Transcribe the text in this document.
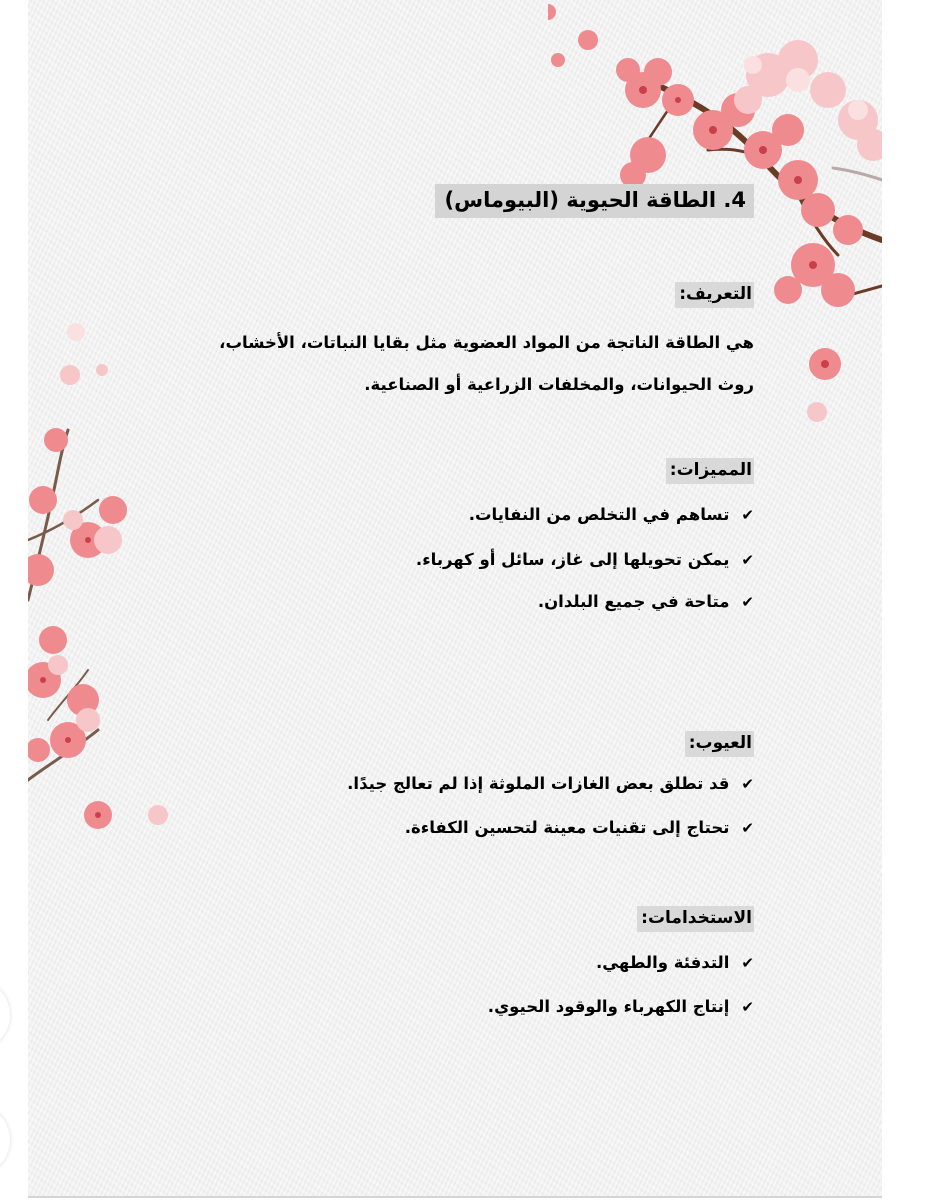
4. الطاقة الحيوية (البيوماس)
التعريف:
هي الطاقة الناتجة من المواد العضوية مثل بقايا النباتات، الأخشاب، روث الحيوانات، والمخلفات الزراعية أو الصناعية.
المميزات:
✔
تساهم في التخلص من النفايات.
✔
يمكن تحويلها إلى غاز، سائل أو كهرباء.
✔
متاحة في جميع البلدان.
العيوب:
✔
قد تطلق بعض الغازات الملوثة إذا لم تعالج جيدًا.
✔
تحتاج إلى تقنيات معينة لتحسين الكفاءة.
الاستخدامات:
✔
التدفئة والطهي.
✔
إنتاج الكهرباء والوقود الحيوي.
